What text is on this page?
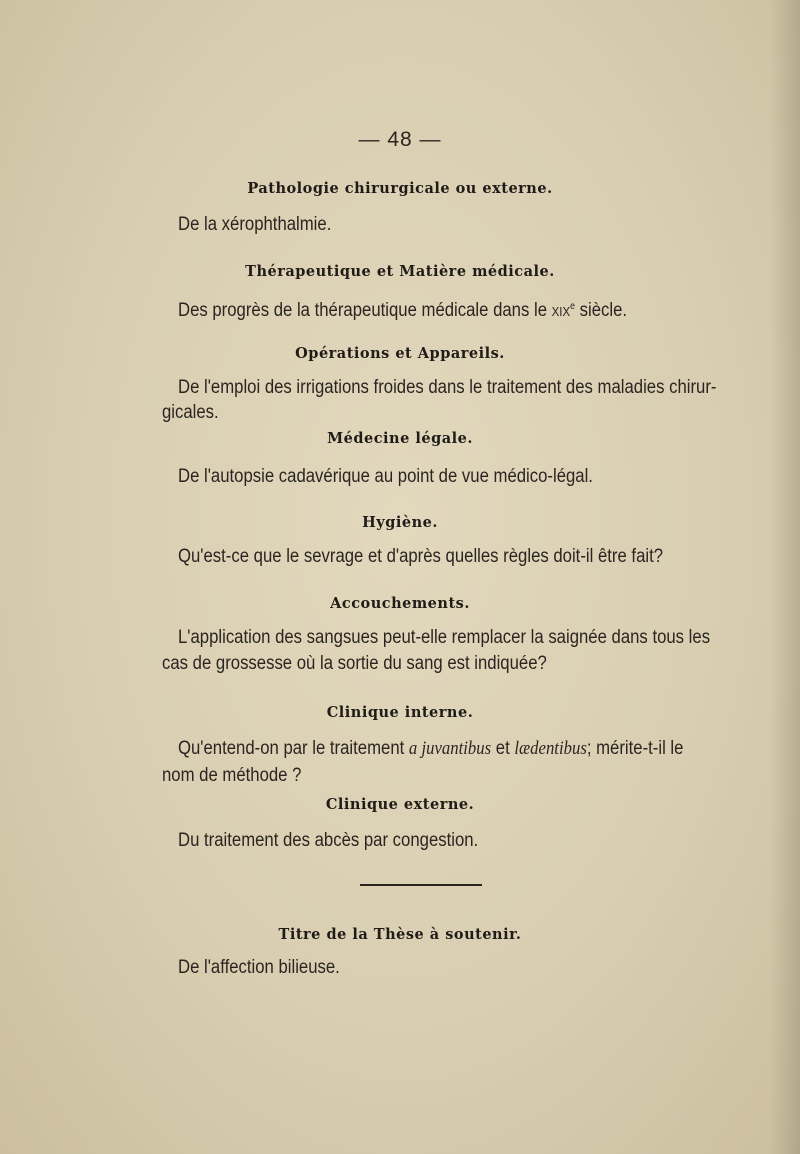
— 48 —
Pathologie chirurgicale ou externe.
De la xérophthalmie.
Thérapeutique et Matière médicale.
Des progrès de la thérapeutique médicale dans le xix$^e$ siècle.
Opérations et Appareils.
De l'emploi des irrigations froides dans le traitement des maladies chirur-
gicales.
Médecine légale.
De l'autopsie cadavérique au point de vue médico-légal.
Hygiène.
Qu'est-ce que le sevrage et d'après quelles règles doit-il être fait?
Accouchements.
L'application des sangsues peut-elle remplacer la saignée dans tous les
cas de grossesse où la sortie du sang est indiquée?
Clinique interne.
Qu'entend-on par le traitement a juvantibus et lædentibus; mérite-t-il le
nom de méthode ?
Clinique externe.
Du traitement des abcès par congestion.
Titre de la Thèse à soutenir.
De l'affection bilieuse.
